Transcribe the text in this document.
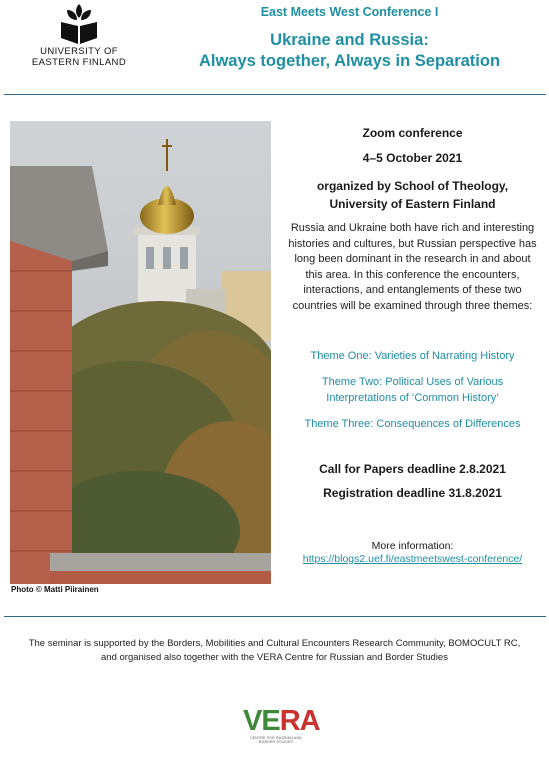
UNIVERSITY OF
EASTERN FINLAND
East Meets West Conference I
Ukraine and Russia:
Always together, Always in Separation
Photo © Matti Piirainen
Zoom conference
4–5 October 2021
organized by School of Theology,
University of Eastern Finland
Russia and Ukraine both have rich and interesting histories and cultures, but Russian perspective has long been dominant in the research in and about this area. In this conference the encounters, interactions, and entanglements of these two countries will be examined through three themes:
Theme One: Varieties of Narrating History
Theme Two: Political Uses of Various Interpretations of ‘Common History’
Theme Three: Consequences of Differences
Call for Papers deadline 2.8.2021
Registration deadline 31.8.2021
More information:
https://blogs2.uef.fi/eastmeetswest-conference/
The seminar is supported by the Borders, Mobilities and Cultural Encounters Research Community, BOMOCULT RC, and organised also together with the VERA Centre for Russian and Border Studies
VERA
CENTRE FOR RUSSIAN AND BORDER STUDIES
